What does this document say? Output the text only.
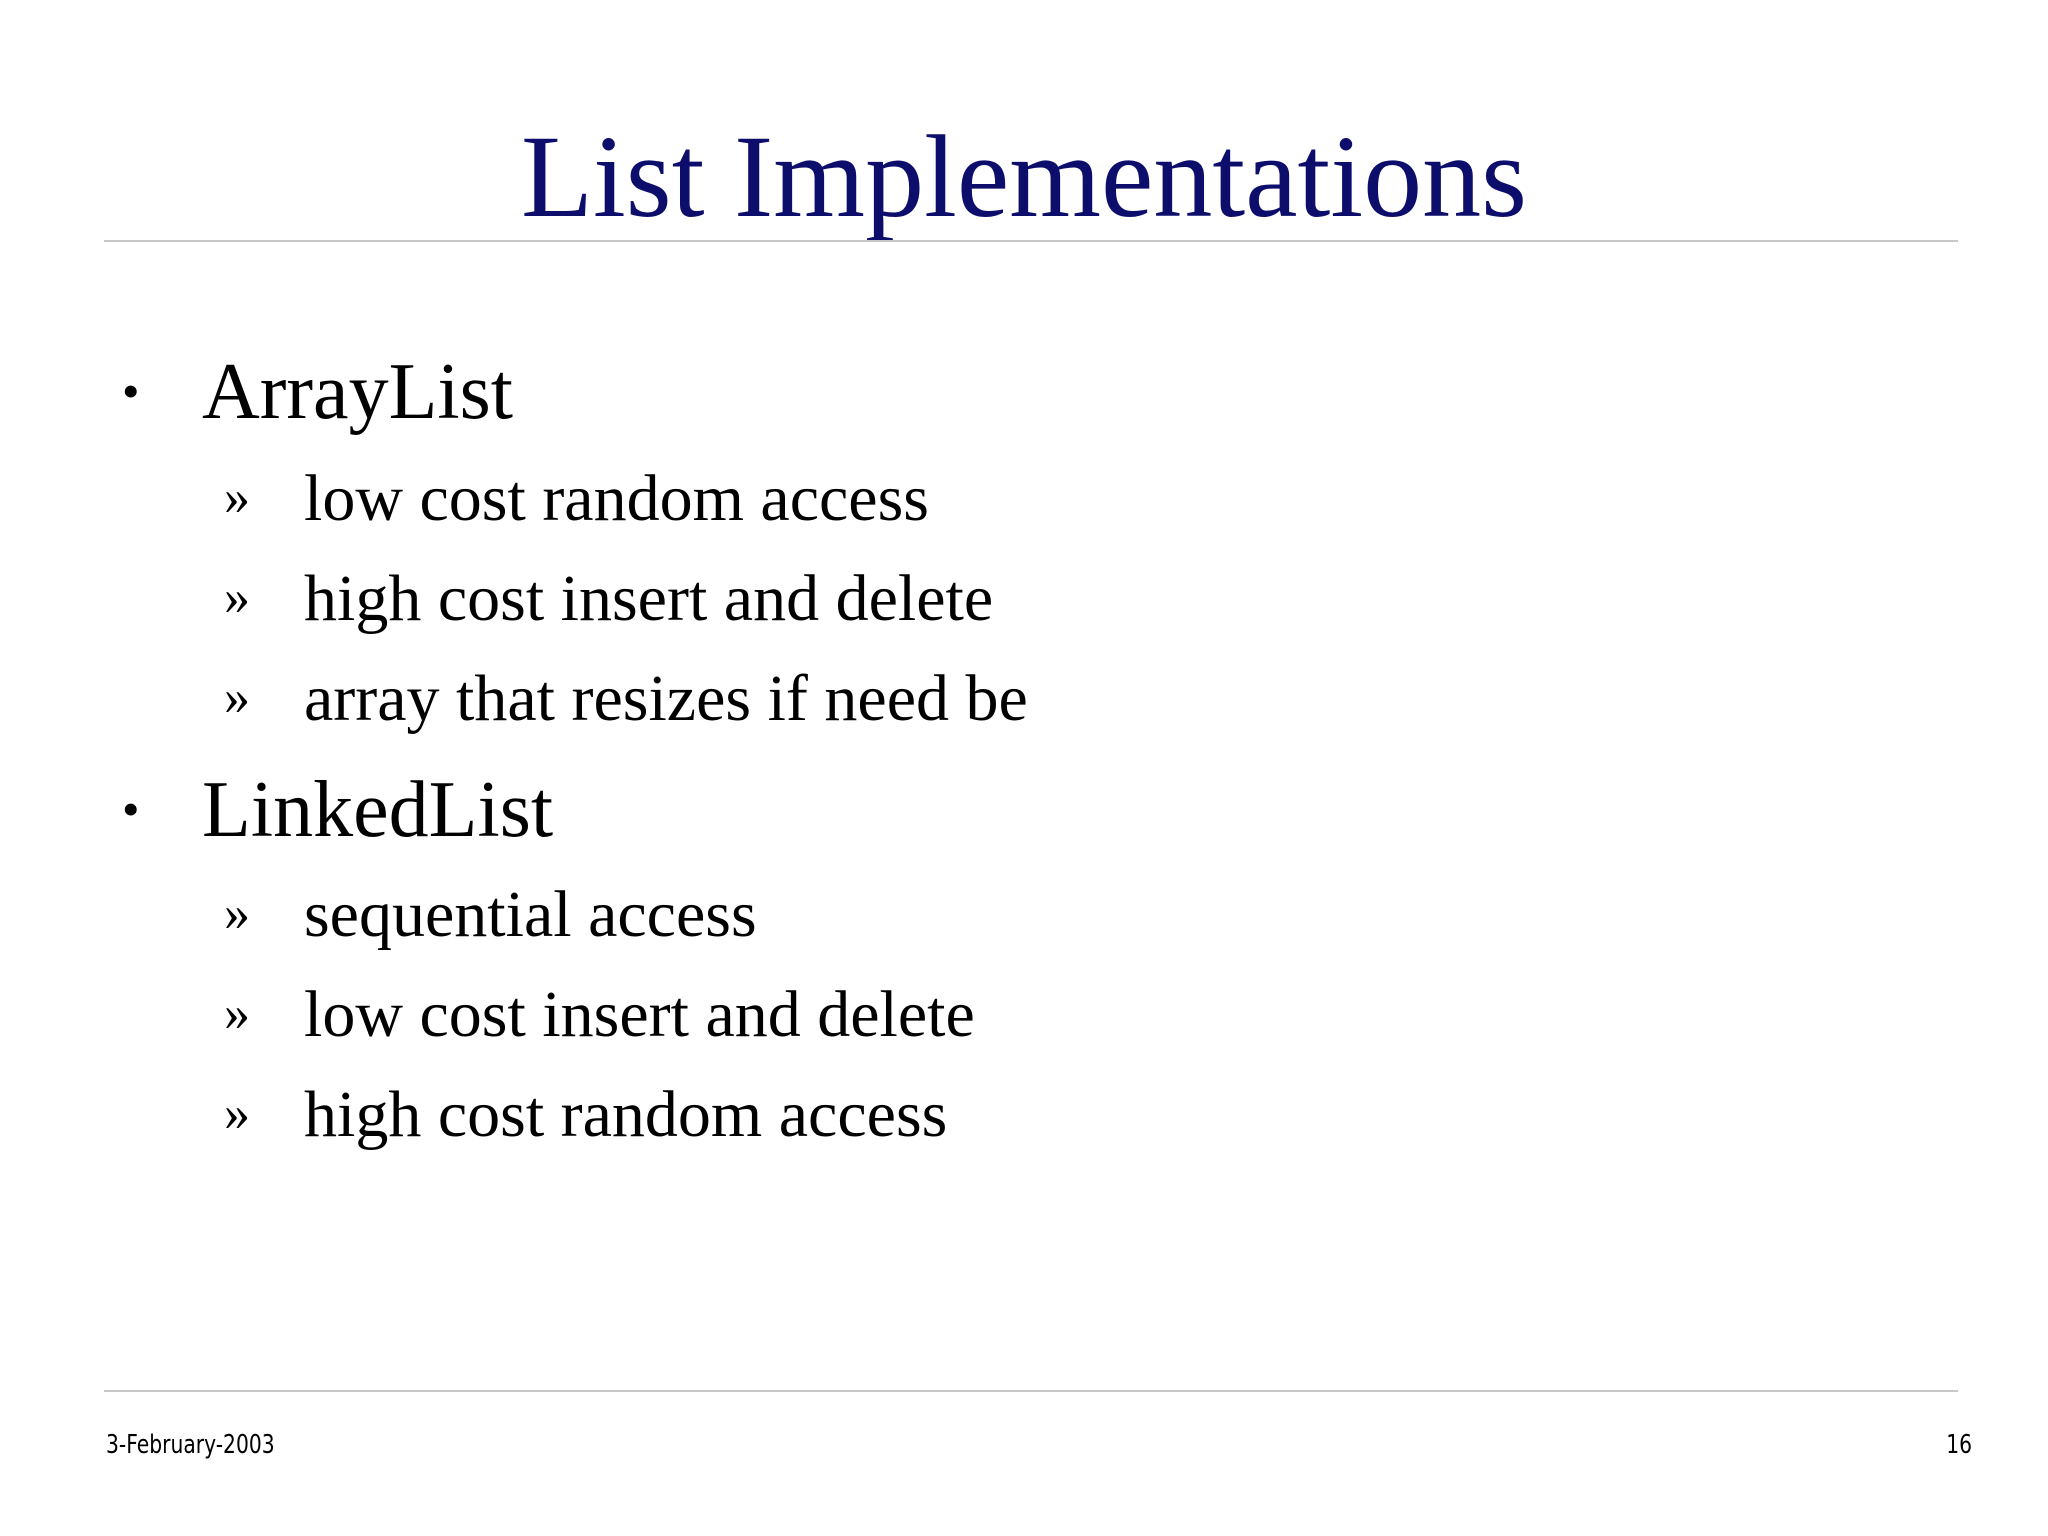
List Implementations
• ArrayList
» low cost random access
» high cost insert and delete
» array that resizes if need be
• LinkedList
» sequential access
» low cost insert and delete
» high cost random access
3-February-2003	16
